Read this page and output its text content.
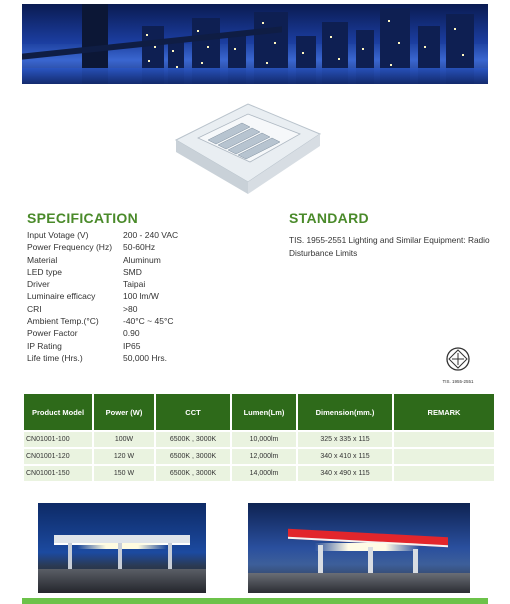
SPECIFICATION
Input Votage (V)	200 - 240 VAC
Power Frequency (Hz)	50-60Hz
Material	Aluminum
LED type	SMD
Driver	Taipai
Luminaire efficacy	100 lm/W
CRI	>80
Ambient Temp.(°C)	-40°C ~ 45°C
Power Factor	0.90
IP Rating	IP65
Life time (Hrs.)	50,000 Hrs.
STANDARD
TIS. 1955-2551 Lighting and Similar Equipment: Radio Disturbance Limits
TIS. 1955-2551
Product Model	Power (W)	CCT	Lumen(Lm)	Dimension(mm.)	REMARK
CN01001-100	100W	6500K , 3000K	10,000lm	325 x 335 x 115	
CN01001-120	120 W	6500K , 3000K	12,000lm	340 x 410 x 115	
CN01001-150	150 W	6500K , 3000K	14,000lm	340 x 490 x 115	
